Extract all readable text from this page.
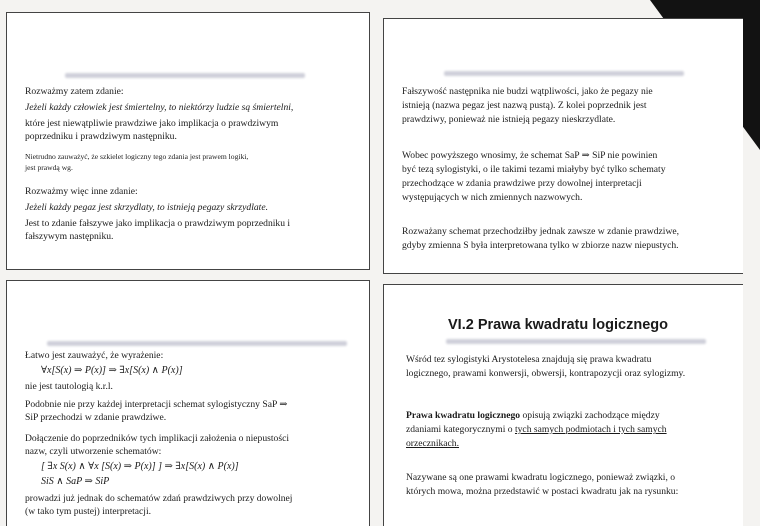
Rozważmy zatem zdanie:
Jeżeli każdy człowiek jest śmiertelny, to niektórzy ludzie są śmiertelni,
które jest niewątpliwie prawdziwe jako implikacja o prawdziwym
poprzedniku i prawdziwym następniku.
Nietrudno zauważyć, że szkielet logiczny tego zdania jest prawem logiki,
jest prawdą wg.
Rozważmy więc inne zdanie:
Jeżeli każdy pegaz jest skrzydlaty, to istnieją pegazy skrzydlate.
Jest to zdanie fałszywe jako implikacja o prawdziwym poprzedniku i
fałszywym następniku.
Fałszywość następnika nie budzi wątpliwości, jako że pegazy nie
istnieją (nazwa pegaz jest nazwą pustą). Z kolei poprzednik jest
prawdziwy, ponieważ nie istnieją pegazy nieskrzydlate.
Wobec powyższego wnosimy, że schemat SaP ⇒ SiP nie powinien
być tezą sylogistyki, o ile takimi tezami miałyby być tylko schematy
przechodzące w zdania prawdziwe przy dowolnej interpretacji
występujących w nich zmiennych nazwowych.
Rozważany schemat przechodziłby jednak zawsze w zdanie prawdziwe,
gdyby zmienna S była interpretowana tylko w zbiorze nazw niepustych.
Łatwo jest zauważyć, że wyrażenie:
∀x[S(x) ⇒ P(x)] ⇒ ∃x[S(x) ∧ P(x)]
nie jest tautologią k.r.l.
Podobnie nie przy każdej interpretacji schemat sylogistyczny SaP ⇒
SiP przechodzi w zdanie prawdziwe.
Dołączenie do poprzedników tych implikacji założenia o niepustości
nazw, czyli utworzenie schematów:
[ ∃x S(x) ∧ ∀x [S(x) ⇒ P(x)] ] ⇒ ∃x[S(x) ∧ P(x)]
SiS ∧ SaP ⇒ SiP
prowadzi już jednak do schematów zdań prawdziwych przy dowolnej
(w tako tym pustej) interpretacji.
VI.2 Prawa kwadratu logicznego
Wśród tez sylogistyki Arystotelesa znajdują się prawa kwadratu
logicznego, prawami konwersji, obwersji, kontrapozycji oraz sylogizmy.
Prawa kwadratu logicznego opisują związki zachodzące między
zdaniami kategorycznymi o tych samych podmiotach i tych samych
orzecznikach.
Nazywane są one prawami kwadratu logicznego, ponieważ związki, o
których mowa, można przedstawić w postaci kwadratu jak na rysunku:
